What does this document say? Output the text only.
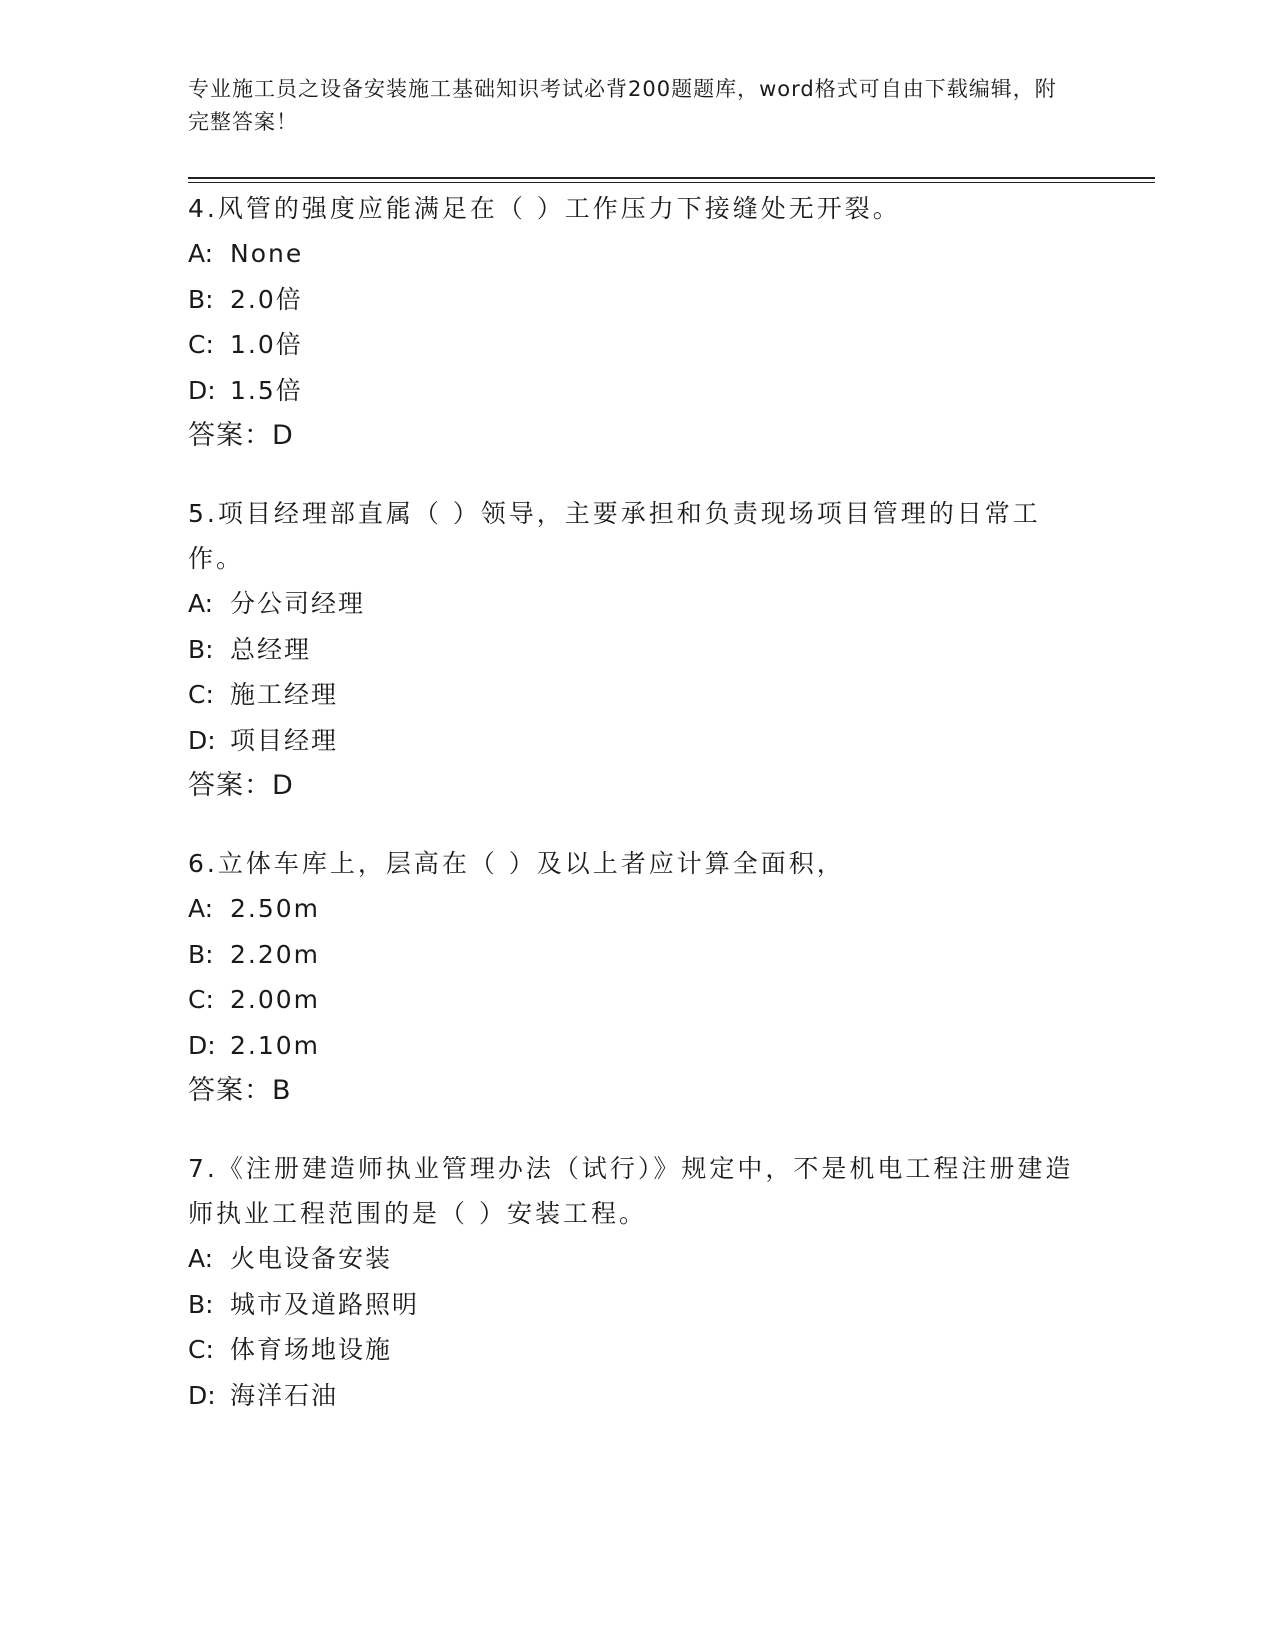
专业施工员之设备安装施工基础知识考试必背200题题库，word格式可自由下载编辑，附完整答案！

4.风管的强度应能满足在（ ）工作压力下接缝处无开裂。

A: None

B: 2.0倍

C: 1.0倍

D: 1.5倍

答案：D

5.项目经理部直属（ ）领导，主要承担和负责现场项目管理的日常工作。

A: 分公司经理

B: 总经理

C: 施工经理

D: 项目经理

答案：D

6.立体车库上，层高在（ ）及以上者应计算全面积，

A: 2.50m

B: 2.20m

C: 2.00m

D: 2.10m

答案：B

7.《注册建造师执业管理办法（试行）》规定中，不是机电工程注册建造师执业工程范围的是（ ）安装工程。

A: 火电设备安装

B: 城市及道路照明

C: 体育场地设施

D: 海洋石油
